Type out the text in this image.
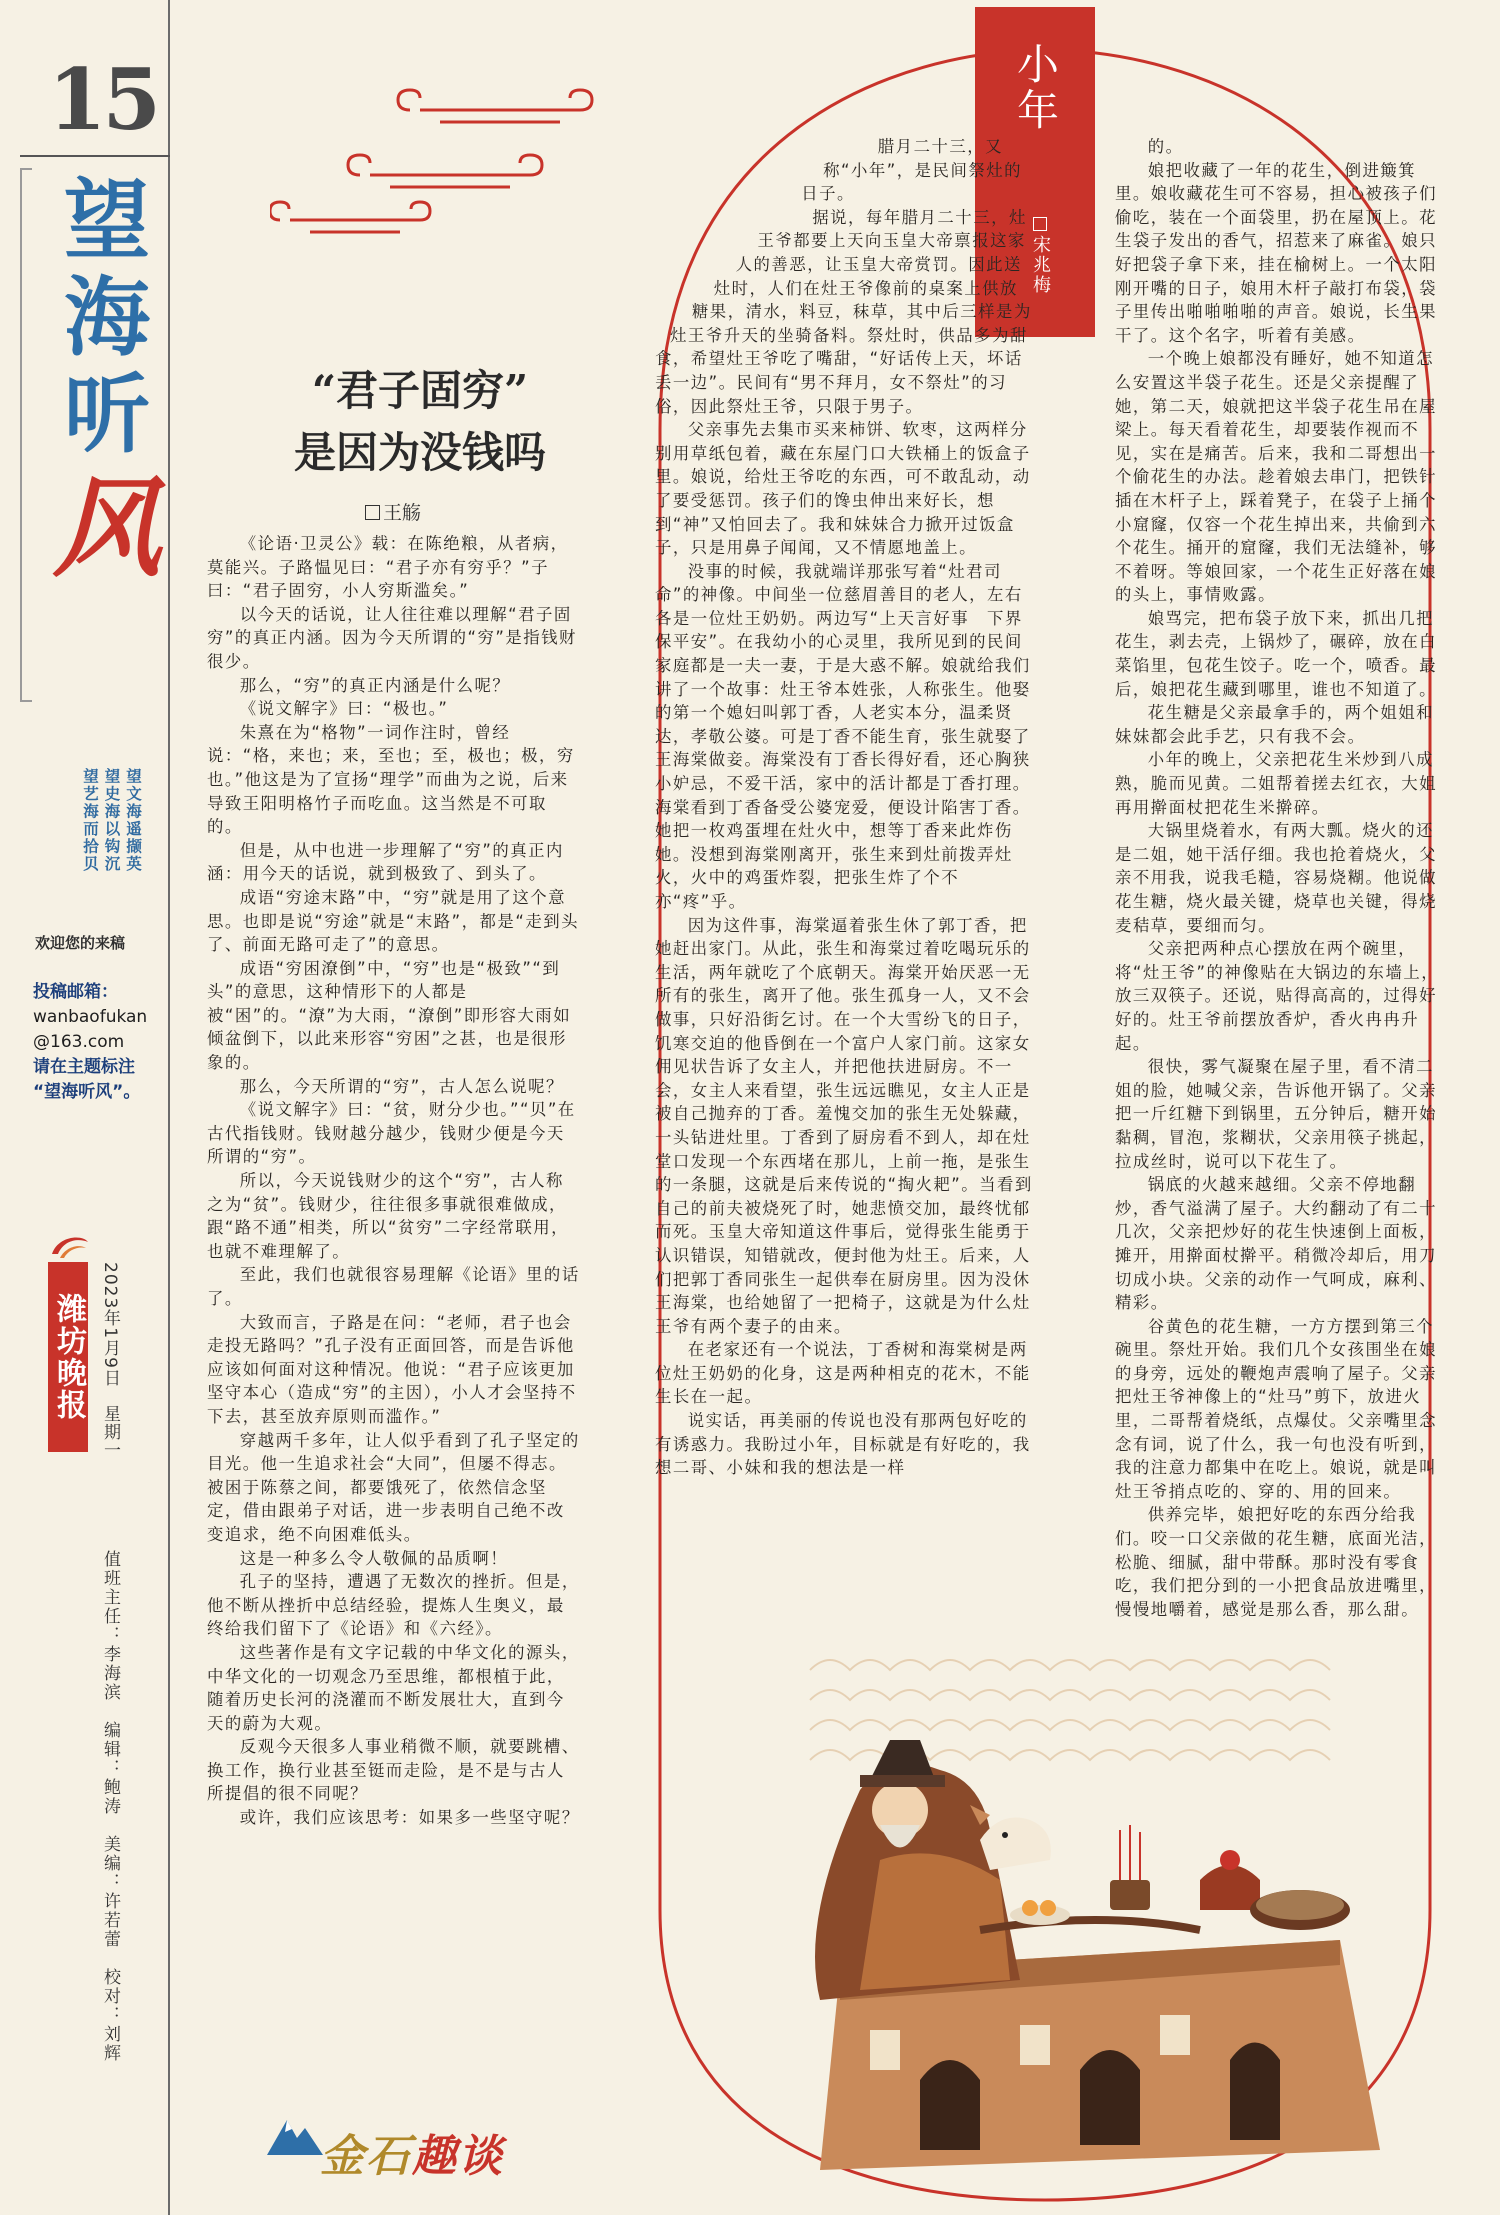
15
望
海
听
风
望文海遥撷英
望史海以钩沉
望艺海而拾贝
欢迎您的来稿
投稿邮箱：
wanbaofukan
@163.com
请在主题标注
“望海听风”。
潍坊晚报 2023年1月9日　星期一
值班主任：李海滨　编辑：鲍涛　美编：许若蕾　校对：刘辉
“君子固穷”
是因为没钱吗
王觞

《论语·卫灵公》载：在陈绝粮，从者病，莫能兴。子路愠见曰：“君子亦有穷乎？”子曰：“君子固穷，小人穷斯滥矣。”

以今天的话说，让人往往难以理解“君子固穷”的真正内涵。因为今天所谓的“穷”是指钱财很少。

那么，“穷”的真正内涵是什么呢？

《说文解字》曰：“极也。”

朱熹在为“格物”一词作注时，曾经说：“格，来也；来，至也；至，极也；极，穷也。”他这是为了宣扬“理学”而曲为之说，后来导致王阳明格竹子而吃血。这当然是不可取的。

但是，从中也进一步理解了“穷”的真正内涵：用今天的话说，就到极致了、到头了。

成语“穷途末路”中，“穷”就是用了这个意思。也即是说“穷途”就是“末路”，都是“走到头了、前面无路可走了”的意思。

成语“穷困潦倒”中，“穷”也是“极致”“到头”的意思，这种情形下的人都是被“困”的。“潦”为大雨，“潦倒”即形容大雨如倾盆倒下，以此来形容“穷困”之甚，也是很形象的。

那么，今天所谓的“穷”，古人怎么说呢？

《说文解字》曰：“贫，财分少也。”“贝”在古代指钱财。钱财越分越少，钱财少便是今天所谓的“穷”。

所以，今天说钱财少的这个“穷”，古人称之为“贫”。钱财少，往往很多事就很难做成，跟“路不通”相类，所以“贫穷”二字经常联用，也就不难理解了。

至此，我们也就很容易理解《论语》里的话了。

大致而言，子路是在问：“老师，君子也会走投无路吗？”孔子没有正面回答，而是告诉他应该如何面对这种情况。他说：“君子应该更加坚守本心（造成“穷”的主因），小人才会坚持不下去，甚至放弃原则而滥作。”

穿越两千多年，让人似乎看到了孔子坚定的目光。他一生追求社会“大同”，但屡不得志。被困于陈蔡之间，都要饿死了，依然信念坚定，借由跟弟子对话，进一步表明自己绝不改变追求，绝不向困难低头。

这是一种多么令人敬佩的品质啊！

孔子的坚持，遭遇了无数次的挫折。但是，他不断从挫折中总结经验，提炼人生奥义，最终给我们留下了《论语》和《六经》。

这些著作是有文字记载的中华文化的源头，中华文化的一切观念乃至思维，都根植于此，随着历史长河的浇灌而不断发展壮大，直到今天的蔚为大观。

反观今天很多人事业稍微不顺，就要跳槽、换工作，换行业甚至铤而走险，是不是与古人所提倡的很不同呢？

或许，我们应该思考：如果多一些坚守呢？

小年
宋兆梅

腊月二十三，又称“小年”，是民间祭灶的日子。

据说，每年腊月二十三，灶王爷都要上天向玉皇大帝禀报这家人的善恶，让玉皇大帝赏罚。因此送灶时，人们在灶王爷像前的桌案上供放糖果，清水，料豆，秣草，其中后三样是为灶王爷升天的坐骑备料。祭灶时，供品多为甜食，希望灶王爷吃了嘴甜，“好话传上天，坏话丢一边”。民间有“男不拜月，女不祭灶”的习俗，因此祭灶王爷，只限于男子。

父亲事先去集市买来柿饼、软枣，这两样分别用草纸包着，藏在东屋门口大铁桶上的饭盒子里。娘说，给灶王爷吃的东西，可不敢乱动，动了要受惩罚。孩子们的馋虫伸出来好长，想到“神”又怕回去了。我和妹妹合力掀开过饭盒子，只是用鼻子闻闻，又不情愿地盖上。

没事的时候，我就端详那张写着“灶君司命”的神像。中间坐一位慈眉善目的老人，左右各是一位灶王奶奶。两边写“上天言好事　下界保平安”。在我幼小的心灵里，我所见到的民间家庭都是一夫一妻，于是大惑不解。娘就给我们讲了一个故事：灶王爷本姓张，人称张生。他娶的第一个媳妇叫郭丁香，人老实本分，温柔贤达，孝敬公婆。可是丁香不能生育，张生就娶了王海棠做妾。海棠没有丁香长得好看，还心胸狭小妒忌，不爱干活，家中的活计都是丁香打理。海棠看到丁香备受公婆宠爱，便设计陷害丁香。她把一枚鸡蛋埋在灶火中，想等丁香来此炸伤她。没想到海棠刚离开，张生来到灶前拨弄灶火，火中的鸡蛋炸裂，把张生炸了个不亦“疼”乎。

因为这件事，海棠逼着张生休了郭丁香，把她赶出家门。从此，张生和海棠过着吃喝玩乐的生活，两年就吃了个底朝天。海棠开始厌恶一无所有的张生，离开了他。张生孤身一人，又不会做事，只好沿街乞讨。在一个大雪纷飞的日子，饥寒交迫的他昏倒在一个富户人家门前。这家女佣见状告诉了女主人，并把他扶进厨房。不一会，女主人来看望，张生远远瞧见，女主人正是被自己抛弃的丁香。羞愧交加的张生无处躲藏，一头钻进灶里。丁香到了厨房看不到人，却在灶堂口发现一个东西堵在那儿，上前一拖，是张生的一条腿，这就是后来传说的“掏火耙”。当看到自己的前夫被烧死了时，她悲愤交加，最终忧郁而死。玉皇大帝知道这件事后，觉得张生能勇于认识错误，知错就改，便封他为灶王。后来，人们把郭丁香同张生一起供奉在厨房里。因为没休王海棠，也给她留了一把椅子，这就是为什么灶王爷有两个妻子的由来。

在老家还有一个说法，丁香树和海棠树是两位灶王奶奶的化身，这是两种相克的花木，不能生长在一起。

说实话，再美丽的传说也没有那两包好吃的有诱惑力。我盼过小年，目标就是有好吃的，我想二哥、小妹和我的想法是一样

的。

娘把收藏了一年的花生，倒进簸箕里。娘收藏花生可不容易，担心被孩子们偷吃，装在一个面袋里，扔在屋顶上。花生袋子发出的香气，招惹来了麻雀。娘只好把袋子拿下来，挂在榆树上。一个太阳刚开嘴的日子，娘用木杆子敲打布袋，袋子里传出啪啪啪啪的声音。娘说，长生果干了。这个名字，听着有美感。

一个晚上娘都没有睡好，她不知道怎么安置这半袋子花生。还是父亲提醒了她，第二天，娘就把这半袋子花生吊在屋梁上。每天看着花生，却要装作视而不见，实在是痛苦。后来，我和二哥想出一个偷花生的办法。趁着娘去串门，把铁针插在木杆子上，踩着凳子，在袋子上捅个小窟窿，仅容一个花生掉出来，共偷到六个花生。捅开的窟窿，我们无法缝补，够不着呀。等娘回家，一个花生正好落在娘的头上，事情败露。

娘骂完，把布袋子放下来，抓出几把花生，剥去壳，上锅炒了，碾碎，放在白菜馅里，包花生饺子。吃一个，喷香。最后，娘把花生藏到哪里，谁也不知道了。

花生糖是父亲最拿手的，两个姐姐和妹妹都会此手艺，只有我不会。

小年的晚上，父亲把花生米炒到八成熟，脆而见黄。二姐帮着搓去红衣，大姐再用擀面杖把花生米擀碎。

大锅里烧着水，有两大瓢。烧火的还是二姐，她干活仔细。我也抢着烧火，父亲不用我，说我毛糙，容易烧糊。他说做花生糖，烧火最关键，烧草也关键，得烧麦秸草，要细而匀。

父亲把两种点心摆放在两个碗里，将“灶王爷”的神像贴在大锅边的东墙上，放三双筷子。还说，贴得高高的，过得好好的。灶王爷前摆放香炉，香火冉冉升起。

很快，雾气凝聚在屋子里，看不清二姐的脸，她喊父亲，告诉他开锅了。父亲把一斤红糖下到锅里，五分钟后，糖开始黏稠，冒泡，浆糊状，父亲用筷子挑起，拉成丝时，说可以下花生了。

锅底的火越来越细。父亲不停地翻炒，香气溢满了屋子。大约翻动了有二十几次，父亲把炒好的花生快速倒上面板，摊开，用擀面杖擀平。稍微冷却后，用刀切成小块。父亲的动作一气呵成，麻利、精彩。

谷黄色的花生糖，一方方摆到第三个碗里。祭灶开始。我们几个女孩围坐在娘的身旁，远处的鞭炮声震响了屋子。父亲把灶王爷神像上的“灶马”剪下，放进火里，二哥帮着烧纸，点爆仗。父亲嘴里念念有词，说了什么，我一句也没有听到，我的注意力都集中在吃上。娘说，就是叫灶王爷捎点吃的、穿的、用的回来。

供养完毕，娘把好吃的东西分给我们。咬一口父亲做的花生糖，底面光洁，松脆、细腻，甜中带酥。那时没有零食吃，我们把分到的一小把食品放进嘴里，慢慢地嚼着，感觉是那么香，那么甜。

金石趣谈
